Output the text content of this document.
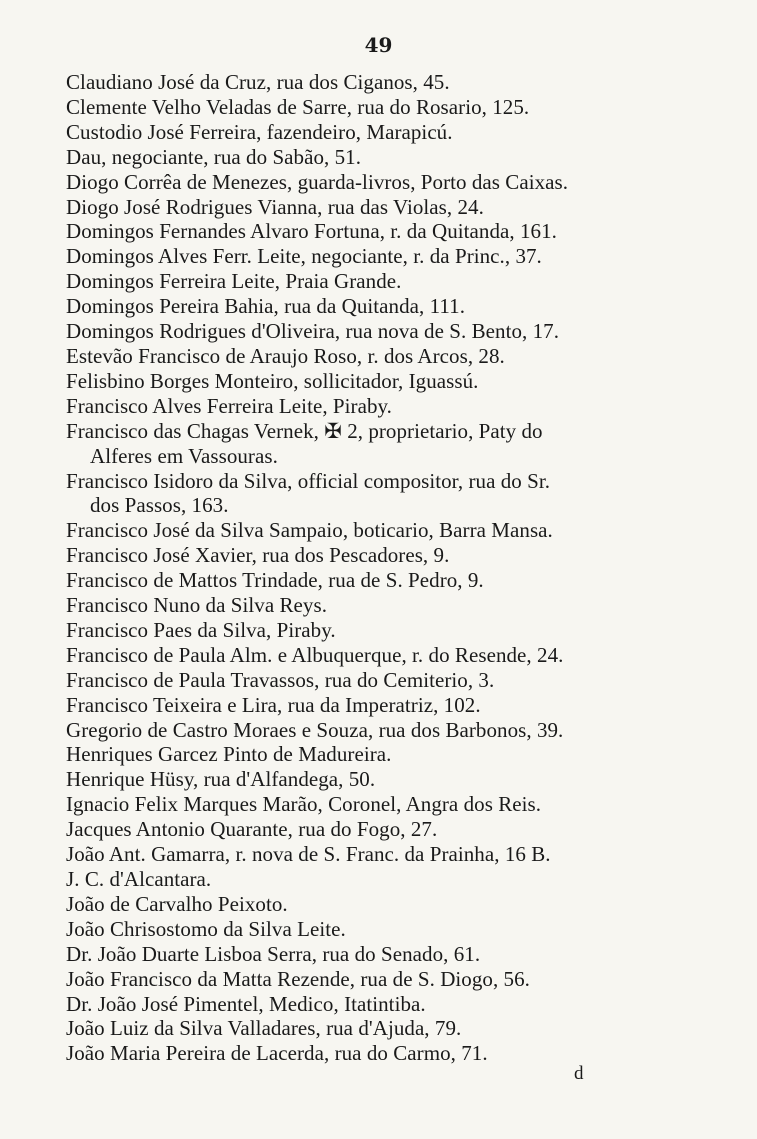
49
Claudiano José da Cruz, rua dos Ciganos, 45.
Clemente Velho Veladas de Sarre, rua do Rosario, 125.
Custodio José Ferreira, fazendeiro, Marapicú.
Dau, negociante, rua do Sabão, 51.
Diogo Corrêa de Menezes, guarda-livros, Porto das Caixas.
Diogo José Rodrigues Vianna, rua das Violas, 24.
Domingos Fernandes Alvaro Fortuna, r. da Quitanda, 161.
Domingos Alves Ferr. Leite, negociante, r. da Princ., 37.
Domingos Ferreira Leite, Praia Grande.
Domingos Pereira Bahia, rua da Quitanda, 111.
Domingos Rodrigues d'Oliveira, rua nova de S. Bento, 17.
Estevão Francisco de Araujo Roso, r. dos Arcos, 28.
Felisbino Borges Monteiro, sollicitador, Iguassú.
Francisco Alves Ferreira Leite, Piraby.
Francisco das Chagas Vernek, ✠ 2, proprietario, Paty do
Alferes em Vassouras.
Francisco Isidoro da Silva, official compositor, rua do Sr.
dos Passos, 163.
Francisco José da Silva Sampaio, boticario, Barra Mansa.
Francisco José Xavier, rua dos Pescadores, 9.
Francisco de Mattos Trindade, rua de S. Pedro, 9.
Francisco Nuno da Silva Reys.
Francisco Paes da Silva, Piraby.
Francisco de Paula Alm. e Albuquerque, r. do Resende, 24.
Francisco de Paula Travassos, rua do Cemiterio, 3.
Francisco Teixeira e Lira, rua da Imperatriz, 102.
Gregorio de Castro Moraes e Souza, rua dos Barbonos, 39.
Henriques Garcez Pinto de Madureira.
Henrique Hüsy, rua d'Alfandega, 50.
Ignacio Felix Marques Marão, Coronel, Angra dos Reis.
Jacques Antonio Quarante, rua do Fogo, 27.
João Ant. Gamarra, r. nova de S. Franc. da Prainha, 16 B.
J. C. d'Alcantara.
João de Carvalho Peixoto.
João Chrisostomo da Silva Leite.
Dr. João Duarte Lisboa Serra, rua do Senado, 61.
João Francisco da Matta Rezende, rua de S. Diogo, 56.
Dr. João José Pimentel, Medico, Itatintiba.
João Luiz da Silva Valladares, rua d'Ajuda, 79.
João Maria Pereira de Lacerda, rua do Carmo, 71.
d
